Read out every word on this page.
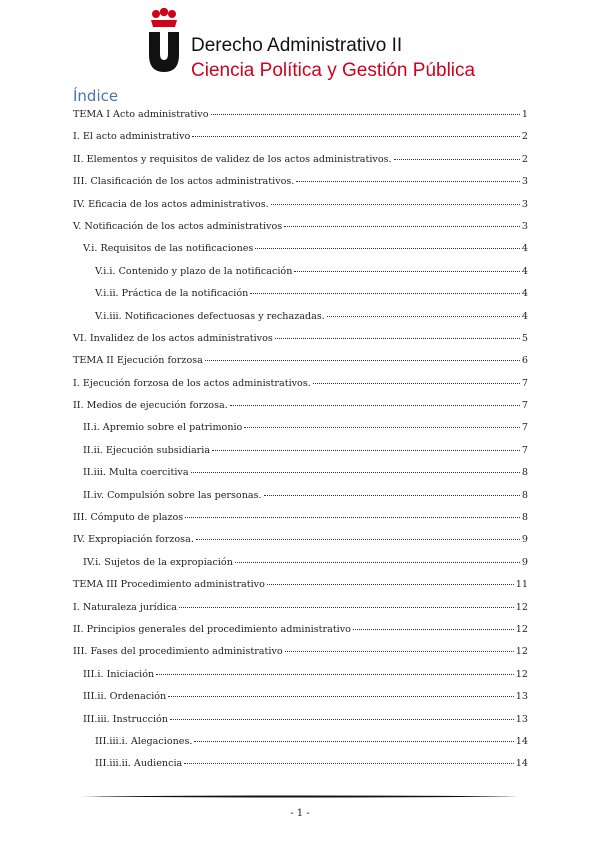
Derecho Administrativo II
Ciencia Política y Gestión Pública
Índice
TEMA I Acto administrativo	1
I. El acto administrativo	2
II. Elementos y requisitos de validez de los actos administrativos.	2
III. Clasificación de los actos administrativos.	3
IV. Eficacia de los actos administrativos.	3
V. Notificación de los actos administrativos	3
V.i. Requisitos de las notificaciones	4
V.i.i. Contenido y plazo de la notificación	4
V.i.ii. Práctica de la notificación	4
V.i.iii. Notificaciones defectuosas y rechazadas.	4
VI. Invalidez de los actos administrativos	5
TEMA II Ejecución forzosa	6
I. Ejecución forzosa de los actos administrativos.	7
II. Medios de ejecución forzosa.	7
II.i. Apremio sobre el patrimonio	7
II.ii. Ejecución subsidiaria	7
II.iii. Multa coercitiva	8
II.iv. Compulsión sobre las personas.	8
III. Cómputo de plazos	8
IV. Expropiación forzosa.	9
IV.i. Sujetos de la expropiación	9
TEMA III Procedimiento administrativo	11
I. Naturaleza jurídica	12
II. Principios generales del procedimiento administrativo	12
III. Fases del procedimiento administrativo	12
III.i. Iniciación	12
III.ii. Ordenación	13
III.iii. Instrucción	13
III.iii.i. Alegaciones.	14
III.iii.ii. Audiencia	14
- 1 -
